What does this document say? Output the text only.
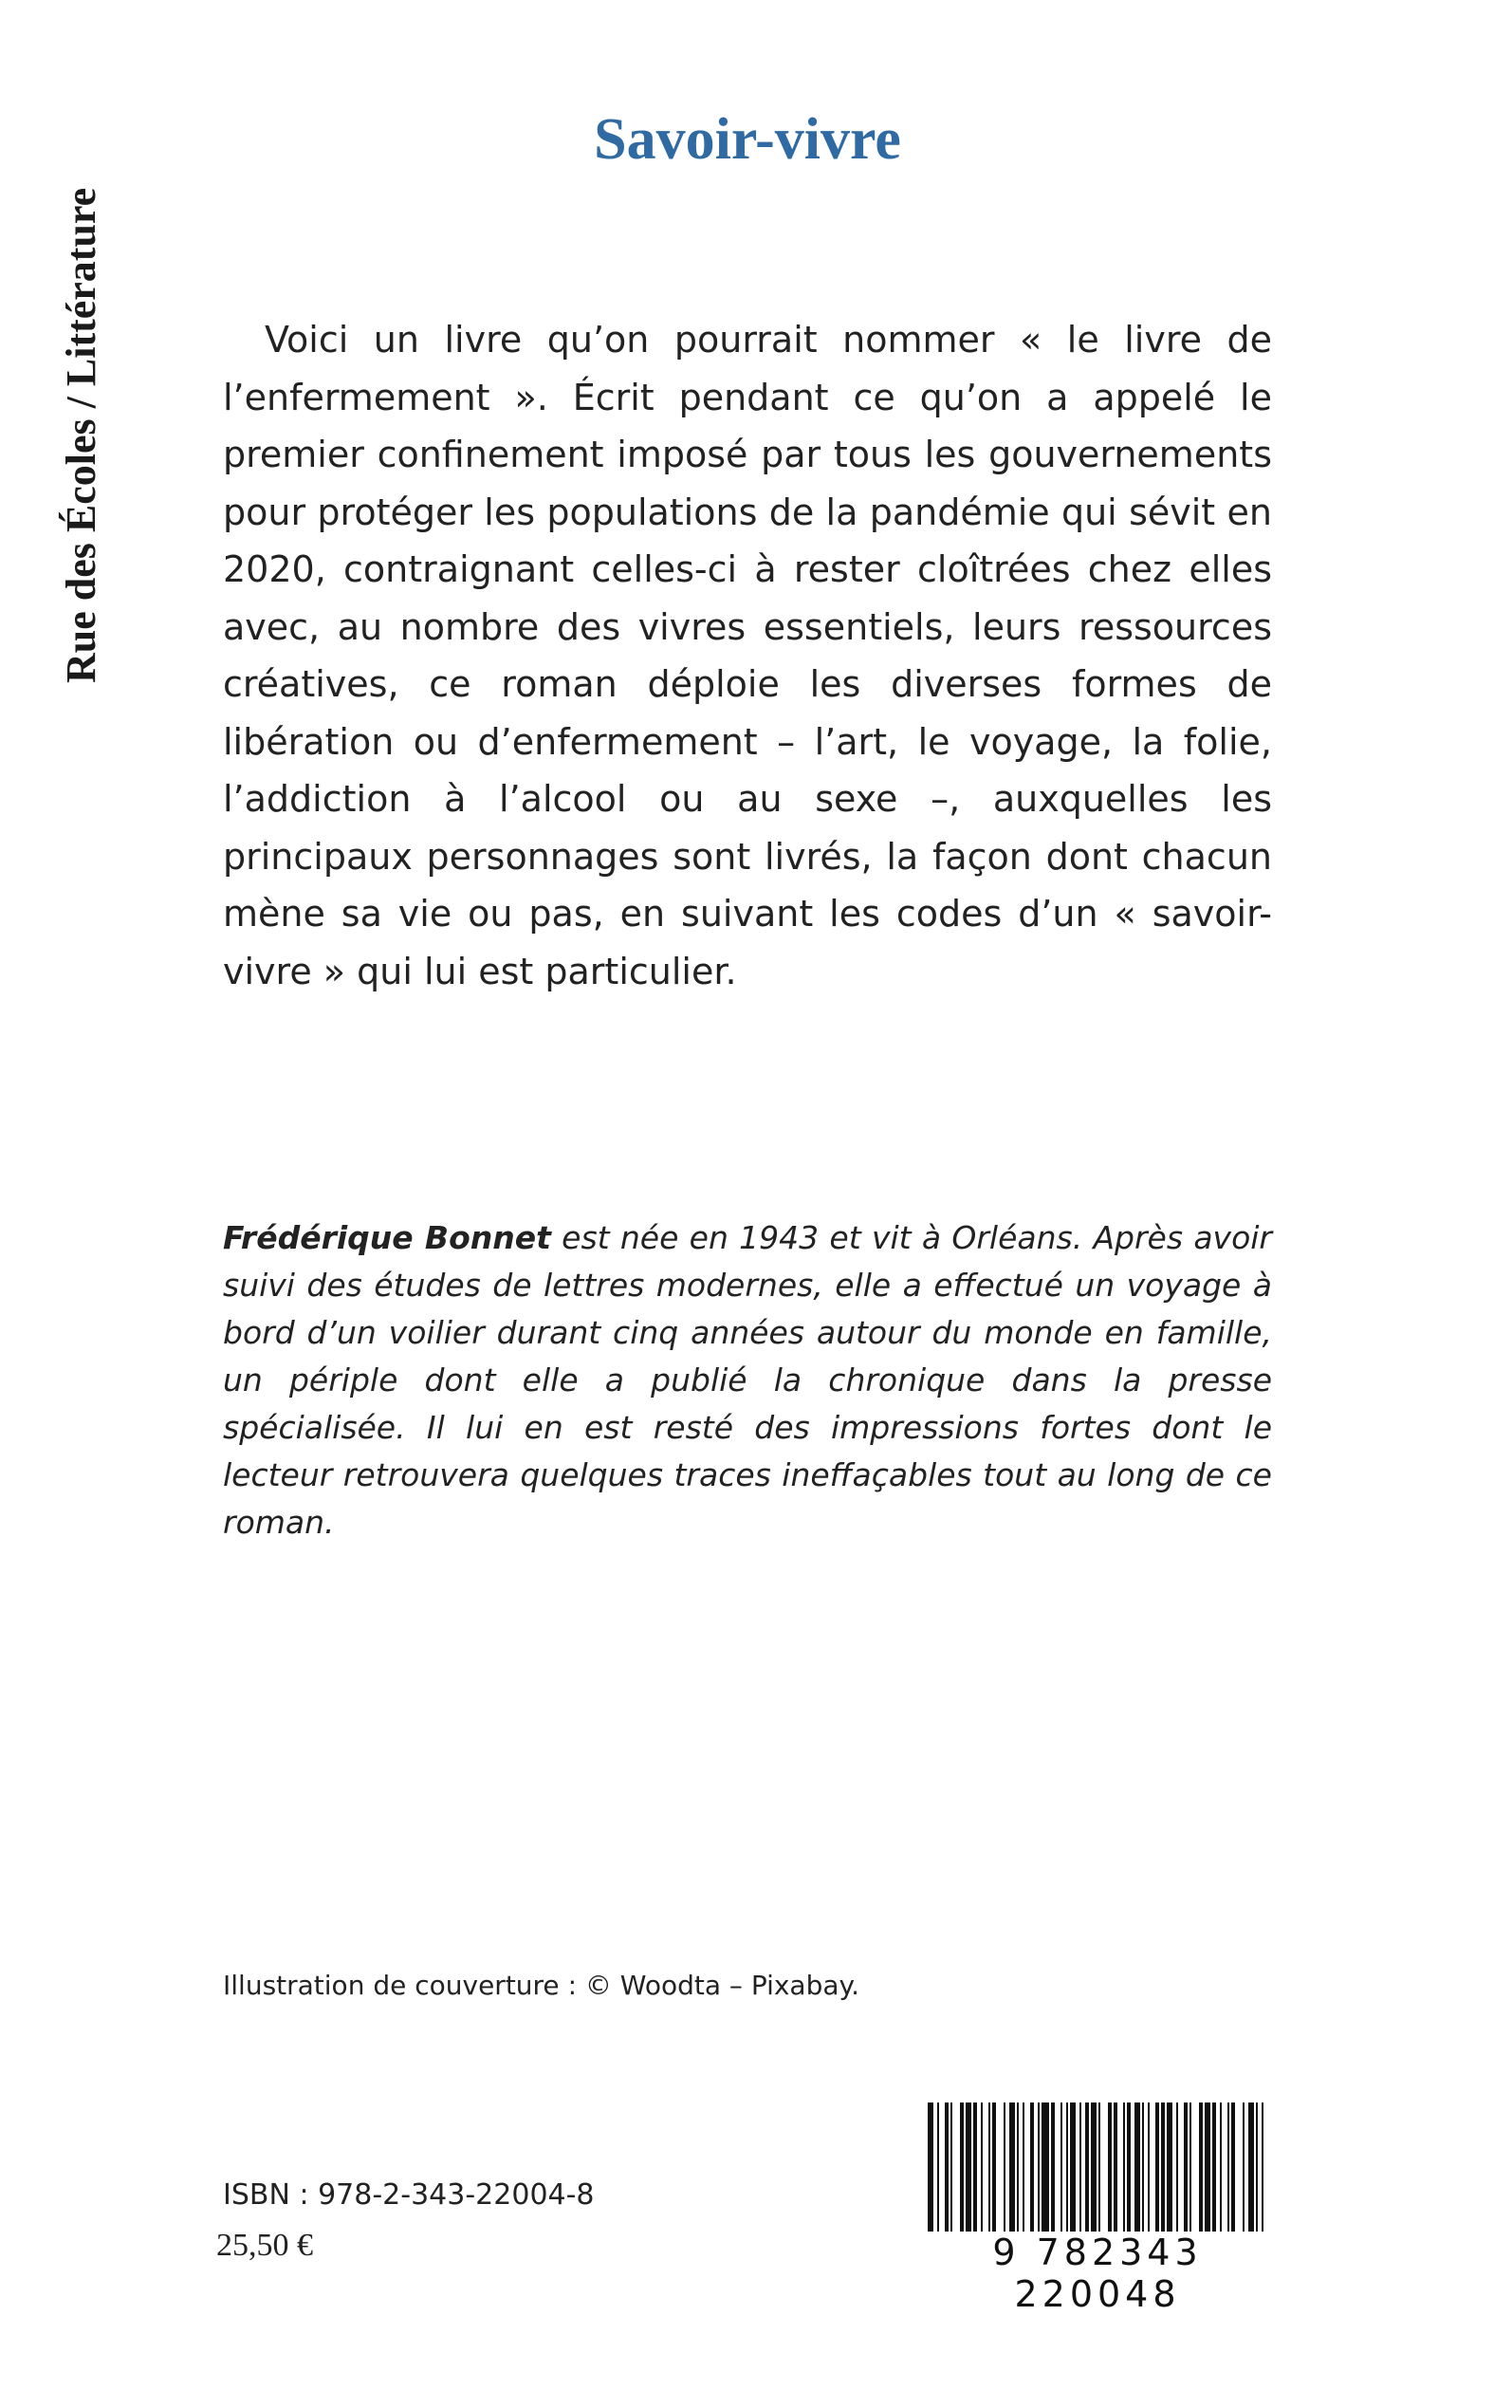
Rue des Écoles / Littérature
Savoir-vivre

Voici un livre qu’on pourrait nommer « le livre de l’enfermement ». Écrit pendant ce qu’on a appelé le premier confinement imposé par tous les gouvernements pour protéger les populations de la pandémie qui sévit en 2020, contraignant celles-ci à rester cloîtrées chez elles avec, au nombre des vivres essentiels, leurs ressources créatives, ce roman déploie les diverses formes de libération ou d’enfermement – l’art, le voyage, la folie, l’addiction à l’alcool ou au sexe –, auxquelles les principaux personnages sont livrés, la façon dont chacun mène sa vie ou pas, en suivant les codes d’un « savoir-vivre » qui lui est particulier.

Frédérique Bonnet est née en 1943 et vit à Orléans. Après avoir suivi des études de lettres modernes, elle a effectué un voyage à bord d’un voilier durant cinq années autour du monde en famille, un périple dont elle a publié la chronique dans la presse spécialisée. Il lui en est resté des impressions fortes dont le lecteur retrouvera quelques traces ineffaçables tout au long de ce roman.

Illustration de couverture : © Woodta – Pixabay.
ISBN : 978-2-343-22004-8
25,50 €	9 782343 220048
